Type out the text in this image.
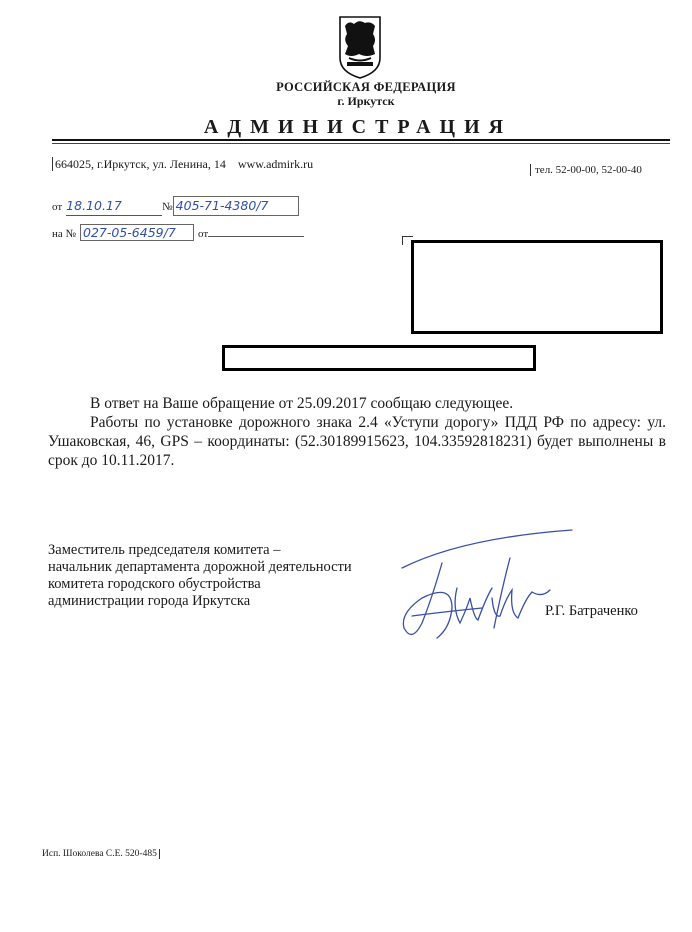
РОССИЙСКАЯ ФЕДЕРАЦИЯ
г. Иркутск
АДМИНИСТРАЦИЯ
664025, г.Иркутск, ул. Ленина, 14 www.admirk.ru	тел. 52-00-00, 52-00-40
от 18.10.17	№ 405-71-4380/7
на № 027-05-6459/7 от

В ответ на Ваше обращение от 25.09.2017 сообщаю следующее.

Работы по установке дорожного знака 2.4 «Уступи дорогу» ПДД РФ по адресу: ул. Ушаковская, 46, GPS – координаты: (52.30189915623, 104.33592818231) будет выполнены в срок до 10.11.2017.

Заместитель председателя комитета –
начальник департамента дорожной деятельности
комитета городского обустройства
администрации города Иркутска
Р.Г. Батраченко
Исп. Шоколева С.Е. 520-485
